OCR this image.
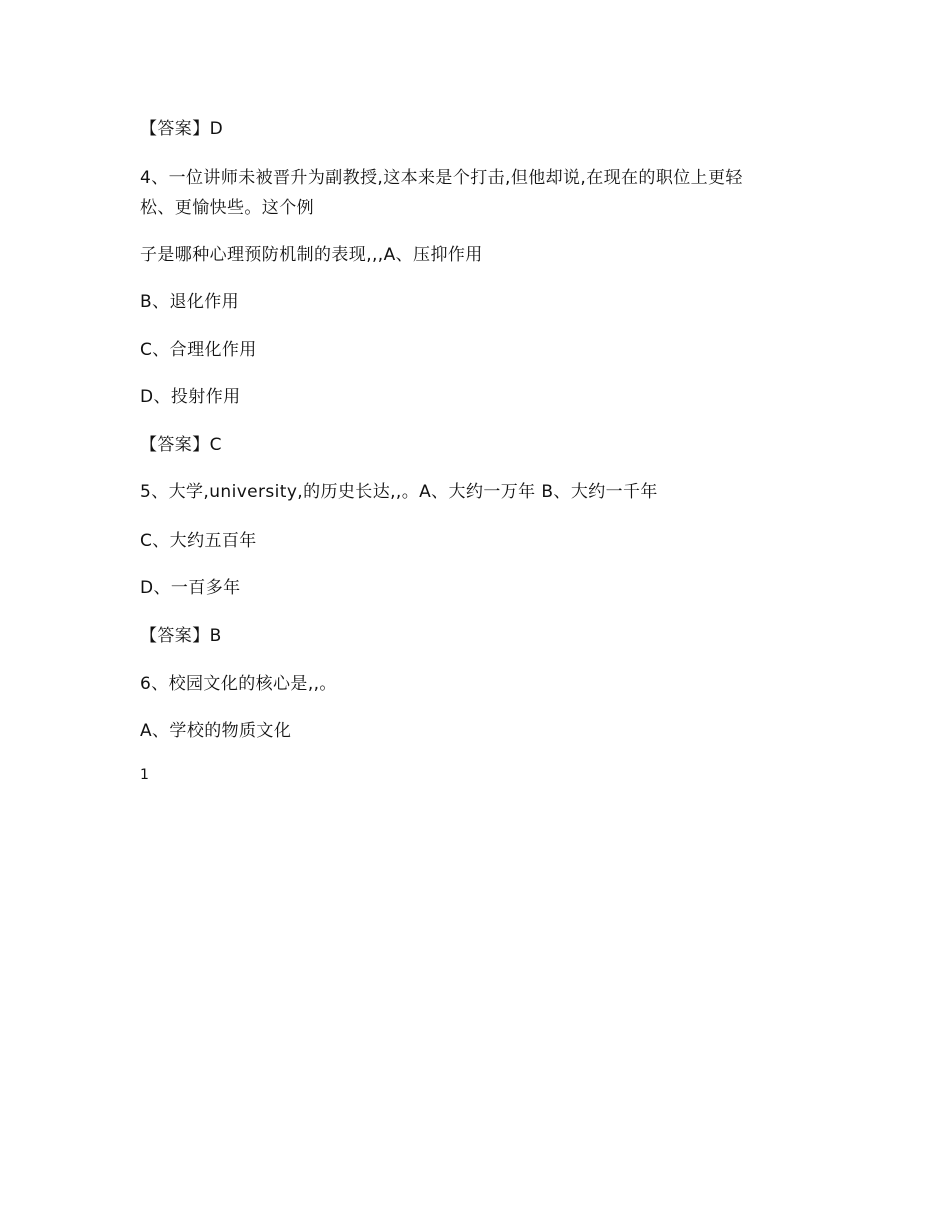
【答案】D

4、一位讲师未被晋升为副教授,这本来是个打击,但他却说,在现在的职位上更轻

松、更愉快些。这个例

子是哪种心理预防机制的表现,,,A、压抑作用

B、退化作用

C、合理化作用

D、投射作用

【答案】C

5、大学,university,的历史长达,,。A、大约一万年 B、大约一千年

C、大约五百年

D、一百多年

【答案】B

6、校园文化的核心是,,。

A、学校的物质文化

1
